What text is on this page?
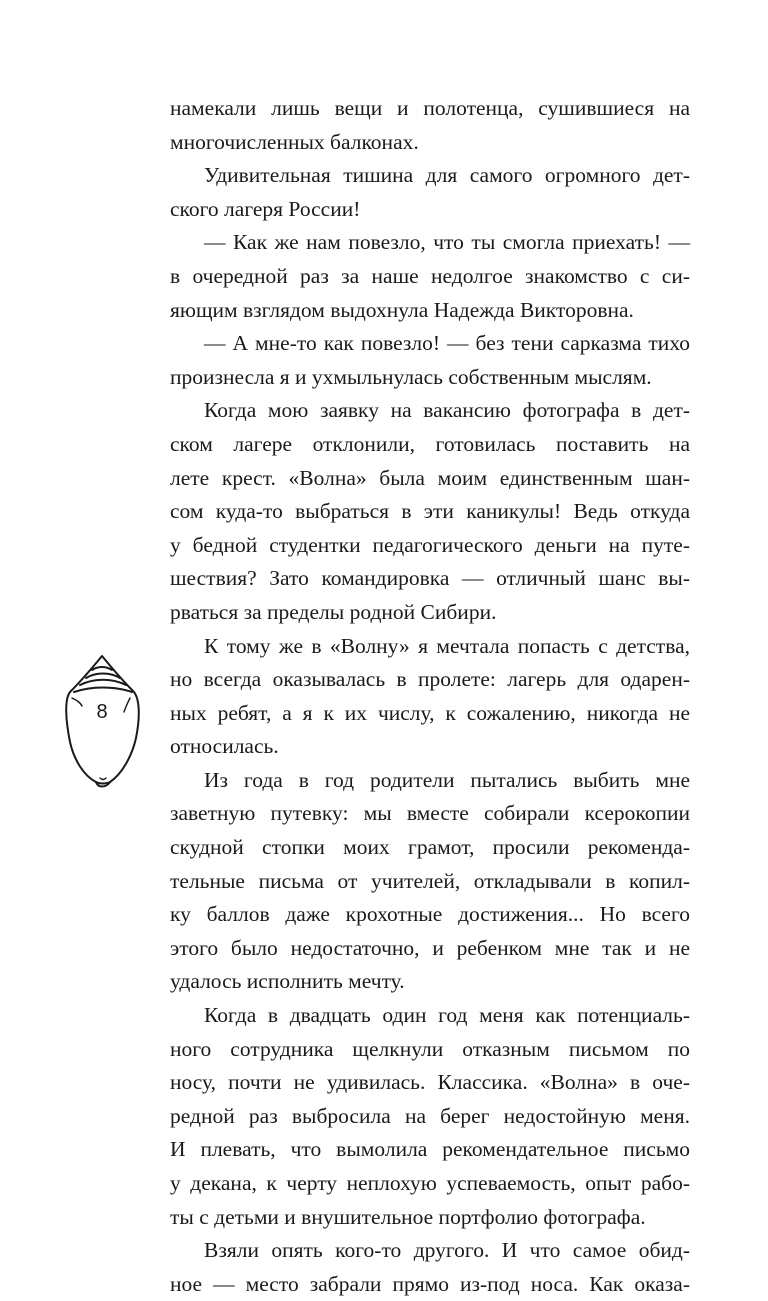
намекали лишь вещи и полотенца, сушившиеся на
многочисленных балконах.
Удивительная тишина для самого огромного дет-
ского лагеря России!
— Как же нам повезло, что ты смогла приехать! —
в очередной раз за наше недолгое знакомство с си-
яющим взглядом выдохнула Надежда Викторовна.
— А мне-то как повезло! — без тени сарказма тихо
произнесла я и ухмыльнулась собственным мыслям.
Когда мою заявку на вакансию фотографа в дет-
ском лагере отклонили, готовилась поставить на
лете крест. «Волна» была моим единственным шан-
сом куда-то выбраться в эти каникулы! Ведь откуда
у бедной студентки педагогического деньги на путе-
шествия? Зато командировка — отличный шанс вы-
рваться за пределы родной Сибири.
К тому же в «Волну» я мечтала попасть с детства,
но всегда оказывалась в пролете: лагерь для одарен-
ных ребят, а я к их числу, к сожалению, никогда не
относилась.
Из года в год родители пытались выбить мне
заветную путевку: мы вместе собирали ксерокопии
скудной стопки моих грамот, просили рекоменда-
тельные письма от учителей, откладывали в копил-
ку баллов даже крохотные достижения... Но всего
этого было недостаточно, и ребенком мне так и не
удалось исполнить мечту.
Когда в двадцать один год меня как потенциаль-
ного сотрудника щелкнули отказным письмом по
носу, почти не удивилась. Классика. «Волна» в оче-
редной раз выбросила на берег недостойную меня.
И плевать, что вымолила рекомендательное письмо
у декана, к черту неплохую успеваемость, опыт рабо-
ты с детьми и внушительное портфолио фотографа.
Взяли опять кого-то другого. И что самое обид-
ное — место забрали прямо из-под носа. Как оказа-
8
